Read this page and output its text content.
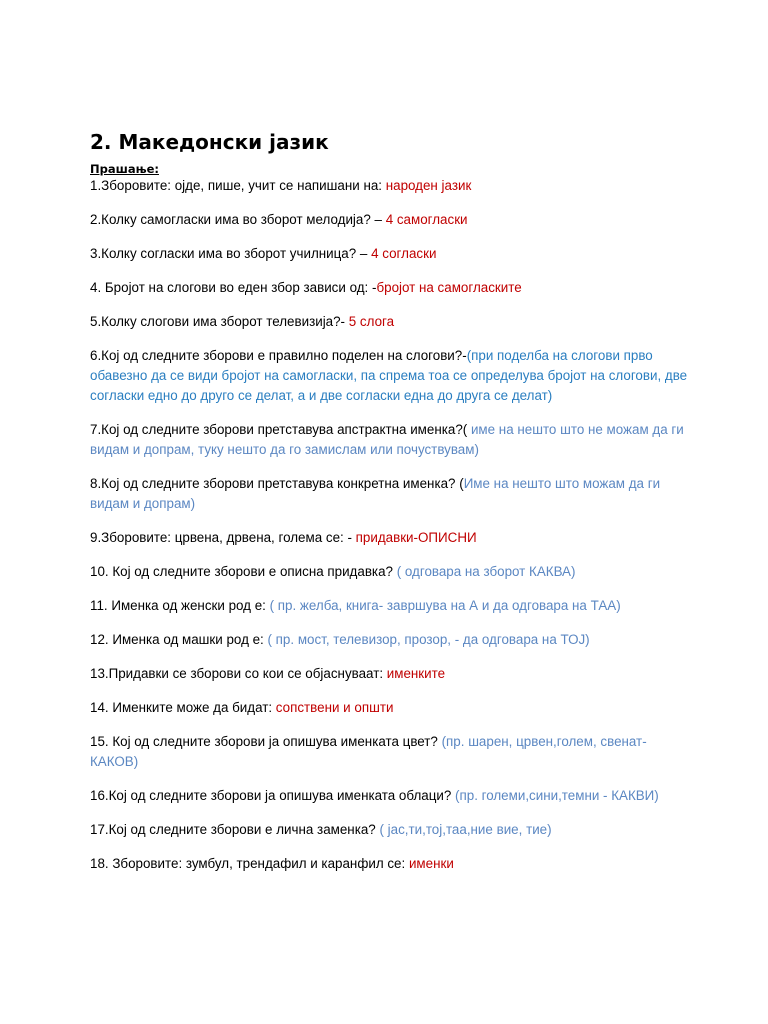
2. Македонски јазик
Прашање:
1.Зборовите: ојде, пише, учит се напишани на: народен јазик
2.Колку самогласки има во зборот мелодија? – 4 самогласки
3.Колку согласки има во зборот училница? – 4 согласки
4. Бројот на слогови во еден збор зависи од: -бројот на самогласките
5.Колку слогови има зборот телевизија?- 5 слога
6.Кој од следните зборови е правилно поделен на слогови?-(при поделба на слогови прво обавезно да се види бројот на самогласки, па спрема тоа се определува бројот на слогови, две согласки едно до друго се делат, а и две согласки една до друга се делат)
7.Кој од следните зборови претставува апстрактна именка?( име на нешто што не можам да ги видам и допрам, туку нешто да го замислам или почуствувам)
8.Кој од следните зборови претставува конкретна именка? (Име на нешто што можам да ги видам и допрам)
9.Зборовите: црвена, дрвена, голема се: - придавки-ОПИСНИ
10. Кој од следните зборови е описна придавка? ( одговара на зборот КАКВА)
11. Именка од женски род е: ( пр. желба, книга- завршува на А и да одговара на ТАА)
12. Именка од машки род е: ( пр. мост, телевизор, прозор, - да одговара на ТОЈ)
13.Придавки се зборови со кои се објаснуваат: именките
14. Именките може да бидат: сопствени и општи
15. Кој од следните зборови ја опишува именката цвет? (пр. шарен, црвен,голем, свенат-КАКОВ)
16.Кој од следните зборови ја опишува именката облаци? (пр. големи,сини,темни - КАКВИ)
17.Кој од следните зборови е лична заменка? ( јас,ти,тој,таа,ние вие, тие)
18. Зборовите: зумбул, трендафил и каранфил се: именки
